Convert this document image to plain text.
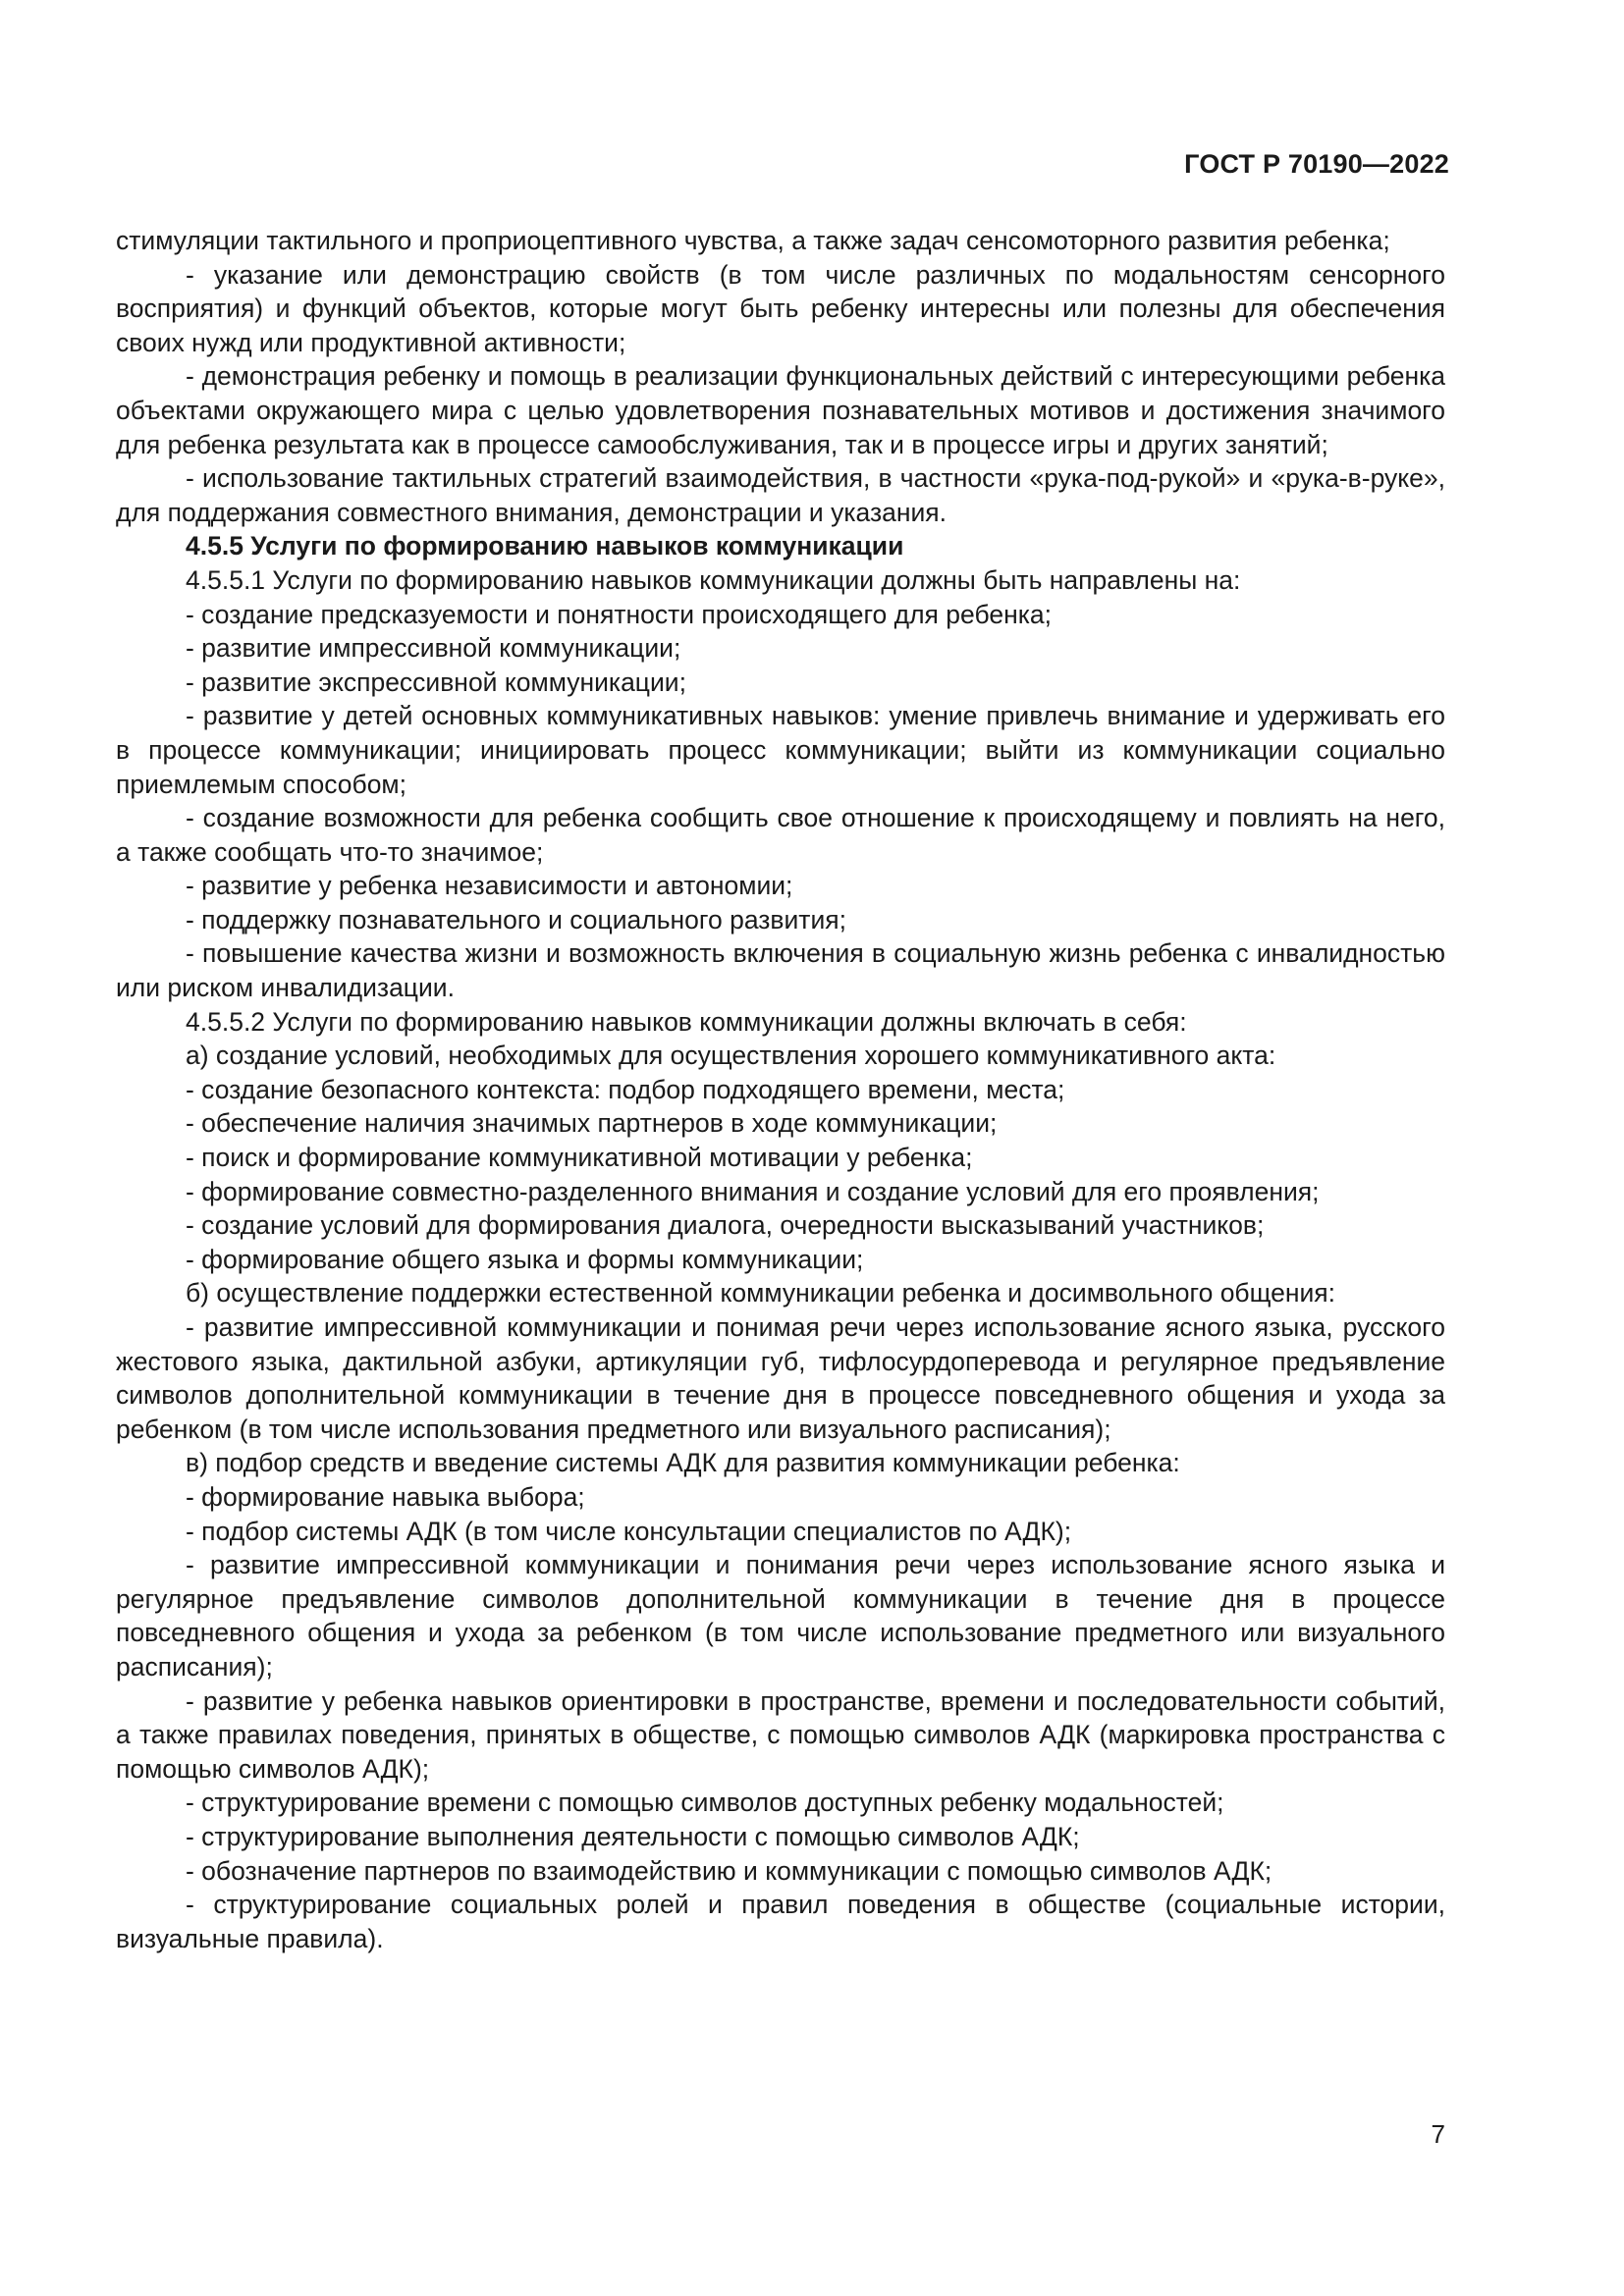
ГОСТ Р 70190—2022

стимуляции тактильного и проприоцептивного чувства, а также задач сенсомоторного развития ребенка;

- указание или демонстрацию свойств (в том числе различных по модальностям сенсорного восприятия) и функций объектов, которые могут быть ребенку интересны или полезны для обеспечения своих нужд или продуктивной активности;

- демонстрация ребенку и помощь в реализации функциональных действий с интересующими ребенка объектами окружающего мира с целью удовлетворения познавательных мотивов и достижения значимого для ребенка результата как в процессе самообслуживания, так и в процессе игры и других занятий;

- использование тактильных стратегий взаимодействия, в частности «рука-под-рукой» и «рука-в-руке», для поддержания совместного внимания, демонстрации и указания.

4.5.5 Услуги по формированию навыков коммуникации

4.5.5.1 Услуги по формированию навыков коммуникации должны быть направлены на:

- создание предсказуемости и понятности происходящего для ребенка;

- развитие импрессивной коммуникации;

- развитие экспрессивной коммуникации;

- развитие у детей основных коммуникативных навыков: умение привлечь внимание и удерживать его в процессе коммуникации; инициировать процесс коммуникации; выйти из коммуникации социально приемлемым способом;

- создание возможности для ребенка сообщить свое отношение к происходящему и повлиять на него, а также сообщать что-то значимое;

- развитие у ребенка независимости и автономии;

- поддержку познавательного и социального развития;

- повышение качества жизни и возможность включения в социальную жизнь ребенка с инвалидностью или риском инвалидизации.

4.5.5.2 Услуги по формированию навыков коммуникации должны включать в себя:

а) создание условий, необходимых для осуществления хорошего коммуникативного акта:

- создание безопасного контекста: подбор подходящего времени, места;

- обеспечение наличия значимых партнеров в ходе коммуникации;

- поиск и формирование коммуникативной мотивации у ребенка;

- формирование совместно-разделенного внимания и создание условий для его проявления;

- создание условий для формирования диалога, очередности высказываний участников;

- формирование общего языка и формы коммуникации;

б) осуществление поддержки естественной коммуникации ребенка и досимвольного общения:

- развитие импрессивной коммуникации и понимая речи через использование ясного языка, русского жестового языка, дактильной азбуки, артикуляции губ, тифлосурдоперевода и регулярное предъявление символов дополнительной коммуникации в течение дня в процессе повседневного общения и ухода за ребенком (в том числе использования предметного или визуального расписания);

в) подбор средств и введение системы АДК для развития коммуникации ребенка:

- формирование навыка выбора;

- подбор системы АДК (в том числе консультации специалистов по АДК);

- развитие импрессивной коммуникации и понимания речи через использование ясного языка и регулярное предъявление символов дополнительной коммуникации в течение дня в процессе повседневного общения и ухода за ребенком (в том числе использование предметного или визуального расписания);

- развитие у ребенка навыков ориентировки в пространстве, времени и последовательности событий, а также правилах поведения, принятых в обществе, с помощью символов АДК (маркировка пространства с помощью символов АДК);

- структурирование времени с помощью символов доступных ребенку модальностей;

- структурирование выполнения деятельности с помощью символов АДК;

- обозначение партнеров по взаимодействию и коммуникации с помощью символов АДК;

- структурирование социальных ролей и правил поведения в обществе (социальные истории, визуальные правила).

7
